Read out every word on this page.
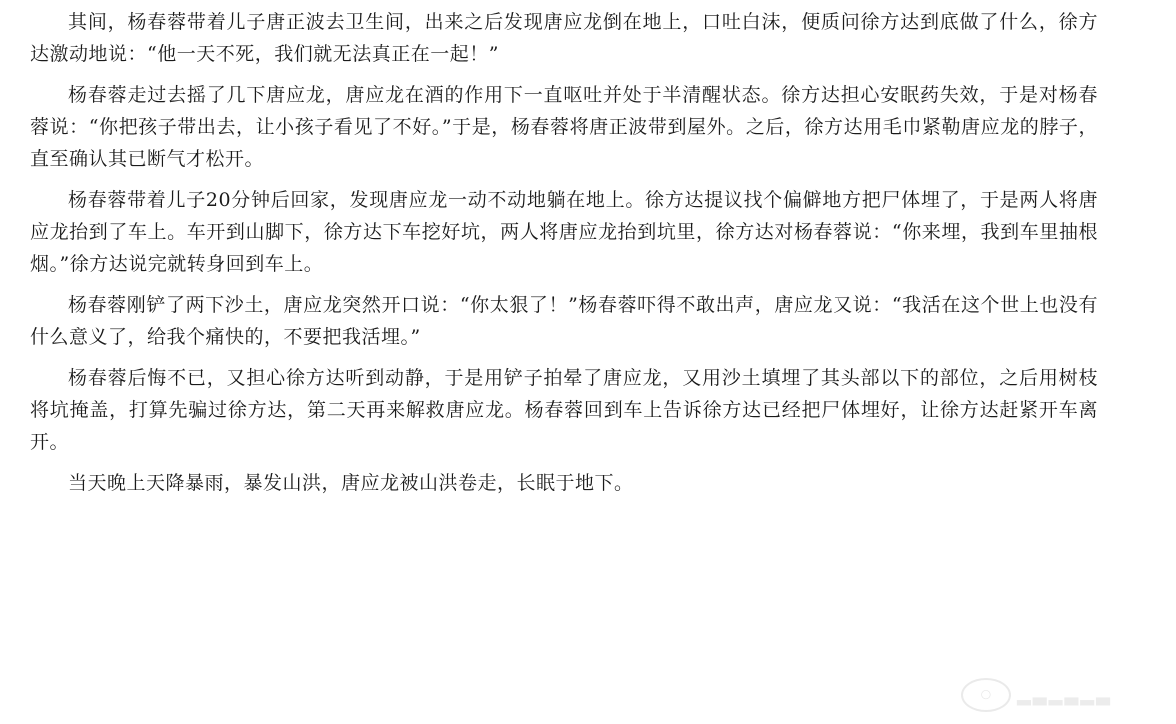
其间，杨春蓉带着儿子唐正波去卫生间，出来之后发现唐应龙倒在地上，口吐白沫，便质问徐方达到底做了什么，徐方达激动地说：“他一天不死，我们就无法真正在一起！”

杨春蓉走过去摇了几下唐应龙，唐应龙在酒的作用下一直呕吐并处于半清醒状态。徐方达担心安眠药失效，于是对杨春蓉说：“你把孩子带出去，让小孩子看见了不好。”于是，杨春蓉将唐正波带到屋外。之后，徐方达用毛巾紧勒唐应龙的脖子，直至确认其已断气才松开。

杨春蓉带着儿子20分钟后回家，发现唐应龙一动不动地躺在地上。徐方达提议找个偏僻地方把尸体埋了，于是两人将唐应龙抬到了车上。车开到山脚下，徐方达下车挖好坑，两人将唐应龙抬到坑里，徐方达对杨春蓉说：“你来埋，我到车里抽根烟。”徐方达说完就转身回到车上。

杨春蓉刚铲了两下沙土，唐应龙突然开口说：“你太狠了！”杨春蓉吓得不敢出声，唐应龙又说：“我活在这个世上也没有什么意义了，给我个痛快的，不要把我活埋。”

杨春蓉后悔不已，又担心徐方达听到动静，于是用铲子拍晕了唐应龙，又用沙土填埋了其头部以下的部位，之后用树枝将坑掩盖，打算先骗过徐方达，第二天再来解救唐应龙。杨春蓉回到车上告诉徐方达已经把尸体埋好，让徐方达赶紧开车离开。

当天晚上天降暴雨，暴发山洪，唐应龙被山洪卷走，长眠于地下。

◯	▂▃▂▃▂▃
